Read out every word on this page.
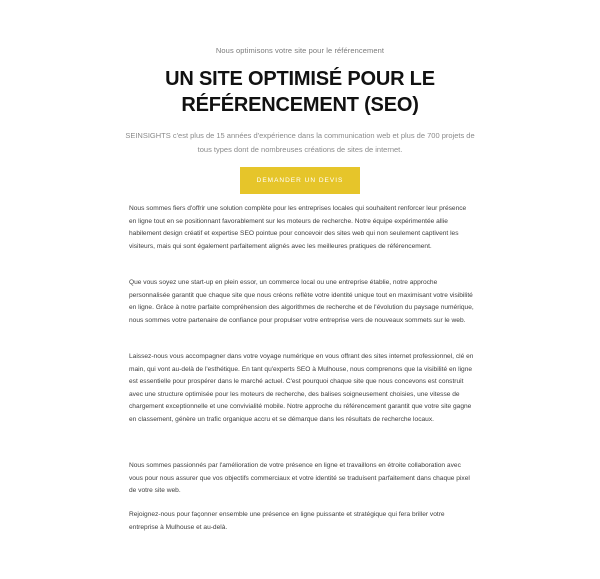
Nous optimisons votre site pour le référencement
UN SITE OPTIMISÉ POUR LE RÉFÉRENCEMENT (SEO)

SEINSIGHTS c'est plus de 15 années d'expérience dans la communication web et plus de 700 projets de tous types dont de nombreuses créations de sites de internet.

DEMANDER UN DEVIS

Nous sommes fiers d'offrir une solution complète pour les entreprises locales qui souhaitent renforcer leur présence en ligne tout en se positionnant favorablement sur les moteurs de recherche. Notre équipe expérimentée allie habilement design créatif et expertise SEO pointue pour concevoir des sites web qui non seulement captivent les visiteurs, mais qui sont également parfaitement alignés avec les meilleures pratiques de référencement.

Que vous soyez une start-up en plein essor, un commerce local ou une entreprise établie, notre approche personnalisée garantit que chaque site que nous créons reflète votre identité unique tout en maximisant votre visibilité en ligne. Grâce à notre parfaite compréhension des algorithmes de recherche et de l'évolution du paysage numérique, nous sommes votre partenaire de confiance pour propulser votre entreprise vers de nouveaux sommets sur le web.

Laissez-nous vous accompagner dans votre voyage numérique en vous offrant des sites internet professionnel, clé en main, qui vont au-delà de l'esthétique. En tant qu'experts SEO à Mulhouse, nous comprenons que la visibilité en ligne est essentielle pour prospérer dans le marché actuel. C'est pourquoi chaque site que nous concevons est construit avec une structure optimisée pour les moteurs de recherche, des balises soigneusement choisies, une vitesse de chargement exceptionnelle et une convivialité mobile. Notre approche du référencement garantit que votre site gagne en classement, génère un trafic organique accru et se démarque dans les résultats de recherche locaux.

Nous sommes passionnés par l'amélioration de votre présence en ligne et travaillons en étroite collaboration avec vous pour nous assurer que vos objectifs commerciaux et votre identité se traduisent parfaitement dans chaque pixel de votre site web.

Rejoignez-nous pour façonner ensemble une présence en ligne puissante et stratégique qui fera briller votre entreprise à Mulhouse et au-delà.
